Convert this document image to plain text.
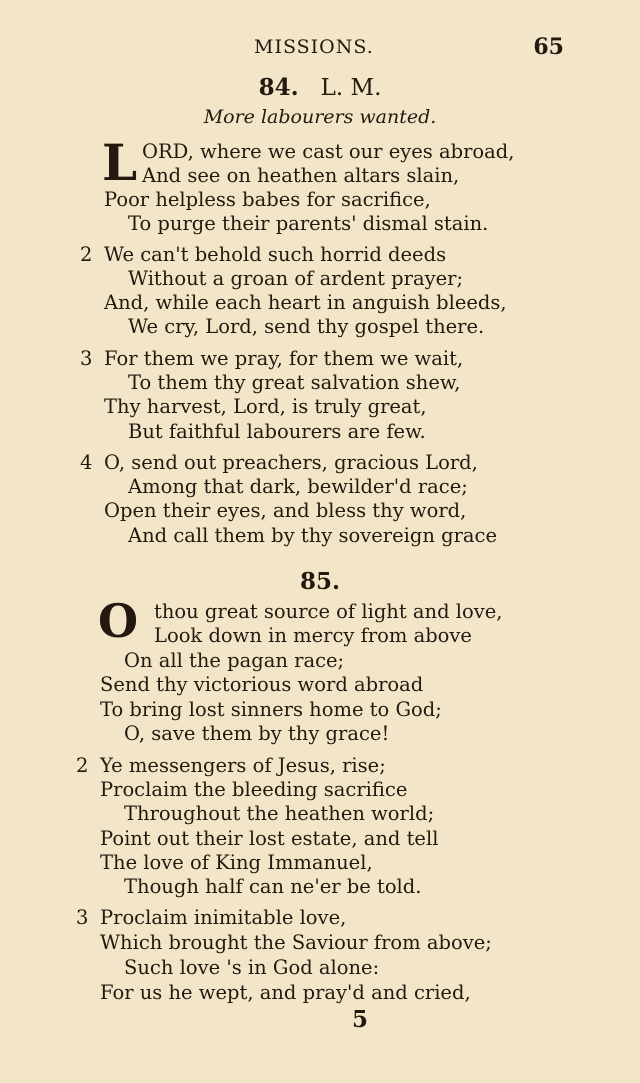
MISSIONS.	65
84. L. M.
More labourers wanted.
L ORD, where we cast our eyes abroad,
And see on heathen altars slain,
Poor helpless babes for sacrifice,
To purge their parents' dismal stain.
2 We can't behold such horrid deeds
Without a groan of ardent prayer;
And, while each heart in anguish bleeds,
We cry, Lord, send thy gospel there.
3 For them we pray, for them we wait,
To them thy great salvation shew,
Thy harvest, Lord, is truly great,
But faithful labourers are few.
4 O, send out preachers, gracious Lord,
Among that dark, bewilder'd race;
Open their eyes, and bless thy word,
And call them by thy sovereign grace
85.
O thou great source of light and love,
Look down in mercy from above
On all the pagan race;
Send thy victorious word abroad
To bring lost sinners home to God;
O, save them by thy grace!
2 Ye messengers of Jesus, rise;
Proclaim the bleeding sacrifice
Throughout the heathen world;
Point out their lost estate, and tell
The love of King Immanuel,
Though half can ne'er be told.
3 Proclaim inimitable love,
Which brought the Saviour from above;
Such love 's in God alone:
For us he wept, and pray'd and cried,
5
